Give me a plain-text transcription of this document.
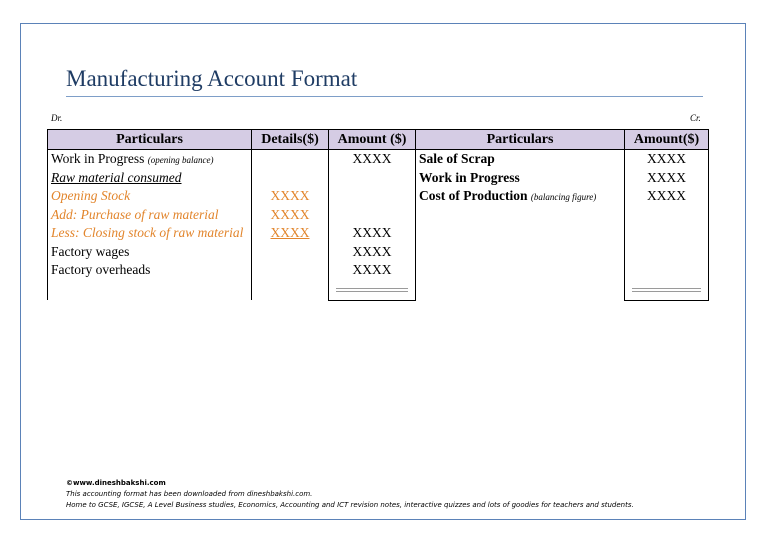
Manufacturing Account Format
Dr.	Cr.
Particulars	Details($)	Amount ($)	Particulars	Amount($)
Work in Progress (opening balance)		XXXX	Sale of Scrap	XXXX
Raw material consumed			Work in Progress	XXXX
Opening Stock	XXXX		Cost of Production (balancing figure)	XXXX
Add: Purchase of raw material	XXXX			
Less: Closing stock of raw material	XXXX	XXXX		
Factory wages		XXXX		
Factory overheads		XXXX		

©www.dineshbakshi.com
This accounting format has been downloaded from dineshbakshi.com.
Home to GCSE, IGCSE, A Level Business studies, Economics, Accounting and ICT revision notes, interactive quizzes and lots of goodies for teachers and students.
